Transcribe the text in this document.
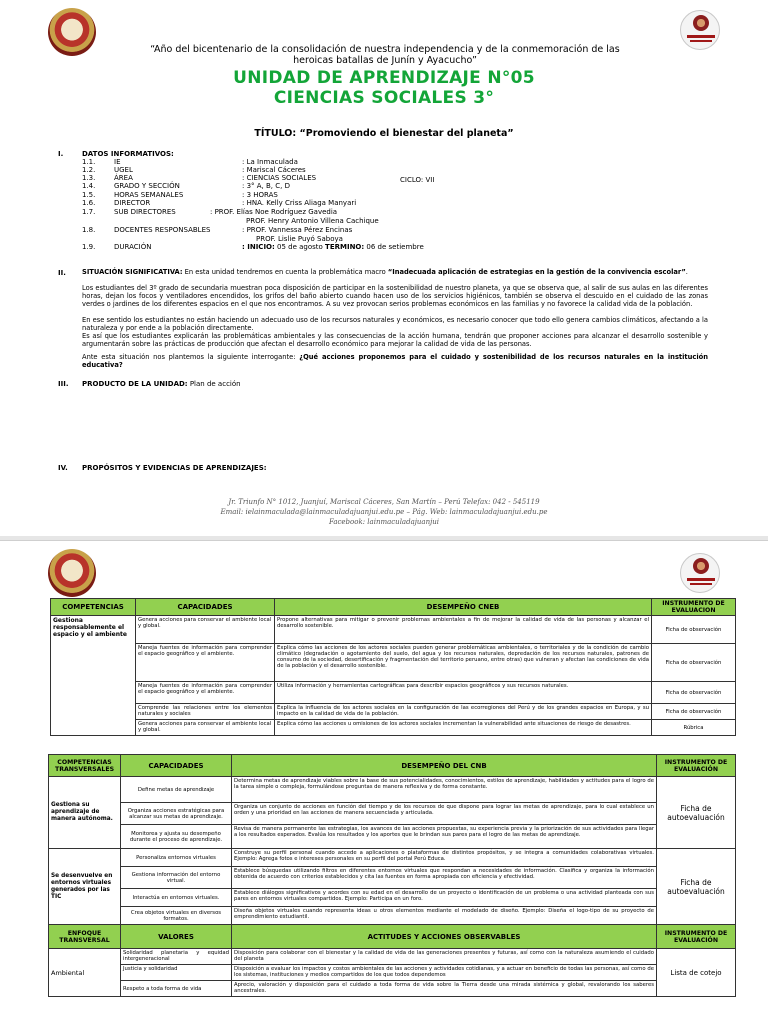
“Año del bicentenario de la consolidación de nuestra independencia y de la conmemoración de las heroicas batallas de Junín y Ayacucho”
UNIDAD DE APRENDIZAJE N°05
CIENCIAS SOCIALES 3°
TÍTULO: “Promoviendo el bienestar del planeta”
I.	DATOS INFORMATIVOS:
1.1.	IE	: La Inmaculada
1.2.	UGEL	: Mariscal Cáceres
1.3.	ÁREA	: CIENCIAS SOCIALES	CICLO: VII
1.4.	GRADO Y SECCIÓN	: 3° A, B, C, D
1.5.	HORAS SEMANALES	: 3 HORAS
1.6.	DIRECTOR	: HNA. Kelly Criss Aliaga Manyari
1.7.	SUB DIRECTORES	: PROF. Elías Noe Rodríguez Gavedia
PROF. Henry Antonio Villena Cachique
1.8.	DOCENTES RESPONSABLES	: PROF. Vannessa Pérez Encinas
PROF. Lislie Puyó Saboya
1.9.	DURACIÓN	: INICIO: 05 de agosto TERMINO: 06 de setiembre
II. SITUACIÓN SIGNIFICATIVA: En esta unidad tendremos en cuenta la problemática macro “Inadecuada aplicación de estrategias en la gestión de la convivencia escolar”.
Los estudiantes del 3º grado de secundaria muestran poca disposición de participar en la sostenibilidad de nuestro planeta, ya que se observa que, al salir de sus aulas en las diferentes horas, dejan los focos y ventiladores encendidos, los grifos del baño abierto cuando hacen uso de los servicios higiénicos, también se observa el descuido en el cuidado de las zonas verdes o jardines de los diferentes espacios en el que nos encontramos. A su vez provocan serios problemas económicos en las familias y no favorece la calidad vida de la población.
En ese sentido los estudiantes no están haciendo un adecuado uso de los recursos naturales y económicos, es necesario conocer que todo ello genera cambios climáticos, afectando a la naturaleza y por ende a la población directamente.
Es así que los estudiantes explicarán las problemáticas ambientales y las consecuencias de la acción humana, tendrán que proponer acciones para alcanzar el desarrollo sostenible y argumentarán sobre las prácticas de producción que afectan el desarrollo económico para mejorar la calidad de vida de las personas.
Ante esta situación nos plantemos la siguiente interrogante: ¿Qué acciones proponemos para el cuidado y sostenibilidad de los recursos naturales en la institución educativa?
III. PRODUCTO DE LA UNIDAD: Plan de acción
IV. PROPÓSITOS Y EVIDENCIAS DE APRENDIZAJES:
Jr. Triunfo N° 1012, Juanjuí, Mariscal Cáceres, San Martín – Perú Telefax: 042 - 545119
Email: ielainmaculada@lainmaculadajuanjui.edu.pe – Pág. Web: lainmaculadajuanjui.edu.pe
Facebook: lainmaculadajuanjui
COMPETENCIAS	CAPACIDADES	DESEMPEÑO CNEB	INSTRUMENTO DE EVALUACION
Gestiona responsablemente el espacio y el ambiente	Genera acciones para conservar el ambiente local y global.	Propone alternativas para mitigar o prevenir problemas ambientales a fin de mejorar la calidad de vida de las personas y alcanzar el desarrollo sostenible.	Ficha de observación
	Maneja fuentes de información para comprender el espacio geográfico y el ambiente.	Explica cómo las acciones de los actores sociales pueden generar problemáticas ambientales, o territoriales y de la condición de cambio climático (degradación o agotamiento del suelo, del agua y los recursos naturales, depredación de los recursos naturales, patrones de consumo de la sociedad, desertificación y fragmentación del territorio peruano, entre otras) que vulneran y afectan las condiciones de vida de la población y el desarrollo sostenible.	Ficha de observación
	Maneja fuentes de información para comprender el espacio geográfico y el ambiente.	Utiliza información y herramientas cartográficas para describir espacios geográficos y sus recursos naturales.	Ficha de observación
	Comprende las relaciones entre los elementos naturales y sociales	Explica la influencia de los actores sociales en la configuración de las ecorregiones del Perú y de los grandes espacios en Europa, y su impacto en la calidad de vida de la población.	Ficha de observación
	Genera acciones para conservar el ambiente local y global.	Explica cómo las acciones u omisiones de los actores sociales incrementan la vulnerabilidad ante situaciones de riesgo de desastres.	Rúbrica
COMPETENCIAS TRANSVERSALES	CAPACIDADES	DESEMPEÑO DEL CNB	INSTRUMENTO DE EVALUACIÓN
Gestiona su aprendizaje de manera autónoma.	Define metas de aprendizaje	Determina metas de aprendizaje viables sobre la base de sus potencialidades, conocimientos, estilos de aprendizaje, habilidades y actitudes para el logro de la tarea simple o compleja, formulándose preguntas de manera reflexiva y de forma constante.	Ficha de autoevaluación
	Organiza acciones estratégicas para alcanzar sus metas de aprendizaje.	Organiza un conjunto de acciones en función del tiempo y de los recursos de que dispone para lograr las metas de aprendizaje, para lo cual establece un orden y una prioridad en las acciones de manera secuenciada y articulada.	
	Monitorea y ajusta su desempeño durante el proceso de aprendizaje.	Revisa de manera permanente las estrategias, los avances de las acciones propuestas, su experiencia previa y la priorización de sus actividades para llegar a los resultados esperados. Evalúa los resultados y los aportes que le brindan sus pares para el logro de las metas de aprendizaje.	
Se desenvuelve en entornos virtuales generados por las TIC	Personaliza entornos virtuales	Construye su perfil personal cuando accede a aplicaciones o plataformas de distintos propósitos, y se integra a comunidades colaborativas virtuales. Ejemplo: Agrega fotos e intereses personales en su perfil del portal Perú Educa.	Ficha de autoevaluación
	Gestiona información del entorno virtual.	Establece búsquedas utilizando filtros en diferentes entornos virtuales que respondan a necesidades de información. Clasifica y organiza la información obtenida de acuerdo con criterios establecidos y cita las fuentes en forma apropiada con eficiencia y efectividad.	
	Interactúa en entornos virtuales.	Establece diálogos significativos y acordes con su edad en el desarrollo de un proyecto o identificación de un problema o una actividad planteada con sus pares en entornos virtuales compartidos. Ejemplo: Participa en un foro.	
	Crea objetos virtuales en diversos formatos.	Diseña objetos virtuales cuando representa ideas u otros elementos mediante el modelado de diseño. Ejemplo: Diseña el logo-tipo de su proyecto de emprendimiento estudiantil.	
ENFOQUE TRANSVERSAL	VALORES	ACTITUDES Y ACCIONES OBSERVABLES	INSTRUMENTO DE EVALUACIÓN
Ambiental	Solidaridad planetaria y equidad intergeneracional	Disposición para colaborar con el bienestar y la calidad de vida de las generaciones presentes y futuras, así como con la naturaleza asumiendo el cuidado del planeta	Lista de cotejo
	Justicia y solidaridad	Disposición a evaluar los impactos y costos ambientales de las acciones y actividades cotidianas, y a actuar en beneficio de todas las personas, así como de los sistemas, instituciones y medios compartidos de los que todos dependemos	
	Respeto a toda forma de vida	Aprecio, valoración y disposición para el cuidado a toda forma de vida sobre la Tierra desde una mirada sistémica y global, revalorando los saberes ancestrales.	
